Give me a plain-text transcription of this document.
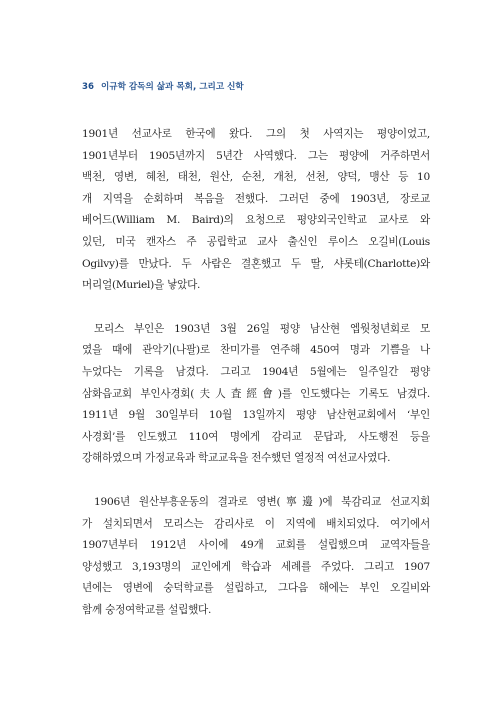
36 이규학 감독의 삶과 목회, 그리고 신학
1901년 선교사로 한국에 왔다. 그의 첫 사역지는 평양이었고,
1901년부터 1905년까지 5년간 사역했다. 그는 평양에 거주하면서
백천, 영변, 혜천, 태천, 원산, 순천, 개천, 선천, 양덕, 맹산 등 10
개 지역을 순회하며 복음을 전했다. 그러던 중에 1903년, 장로교
베어드(William M. Baird)의 요청으로 평양외국인학교 교사로 와
있던, 미국 캔자스 주 공립학교 교사 출신인 루이스 오길비(Louis
Ogilvy)를 만났다. 두 사람은 결혼했고 두 딸, 샤롯테(Charlotte)와
머리얼(Muriel)을 낳았다.
모리스 부인은 1903년 3월 26일 평양 남산현 엡웟청년회로 모
였을 때에 관악기(나팔)로 찬미가를 연주해 450여 명과 기쁨을 나
누었다는 기록을 남겼다. 그리고 1904년 5월에는 일주일간 평양
삼화읍교회 부인사경회(夫人査經會)를 인도했다는 기록도 남겼다.
1911년 9월 30일부터 10월 13일까지 평양 남산현교회에서 ‘부인
사경회’를 인도했고 110여 명에게 감리교 문답과, 사도행전 등을
강해하였으며 가정교육과 학교교육을 전수했던 열정적 여선교사였다.
1906년 원산부흥운동의 결과로 영변(寧邊)에 북감리교 선교지회
가 설치되면서 모리스는 감리사로 이 지역에 배치되었다. 여기에서
1907년부터 1912년 사이에 49개 교회를 설립했으며 교역자들을
양성했고 3,193명의 교인에게 학습과 세례를 주었다. 그리고 1907
년에는 영변에 숭덕학교를 설립하고, 그다음 해에는 부인 오길비와
함께 숭정여학교를 설립했다.
